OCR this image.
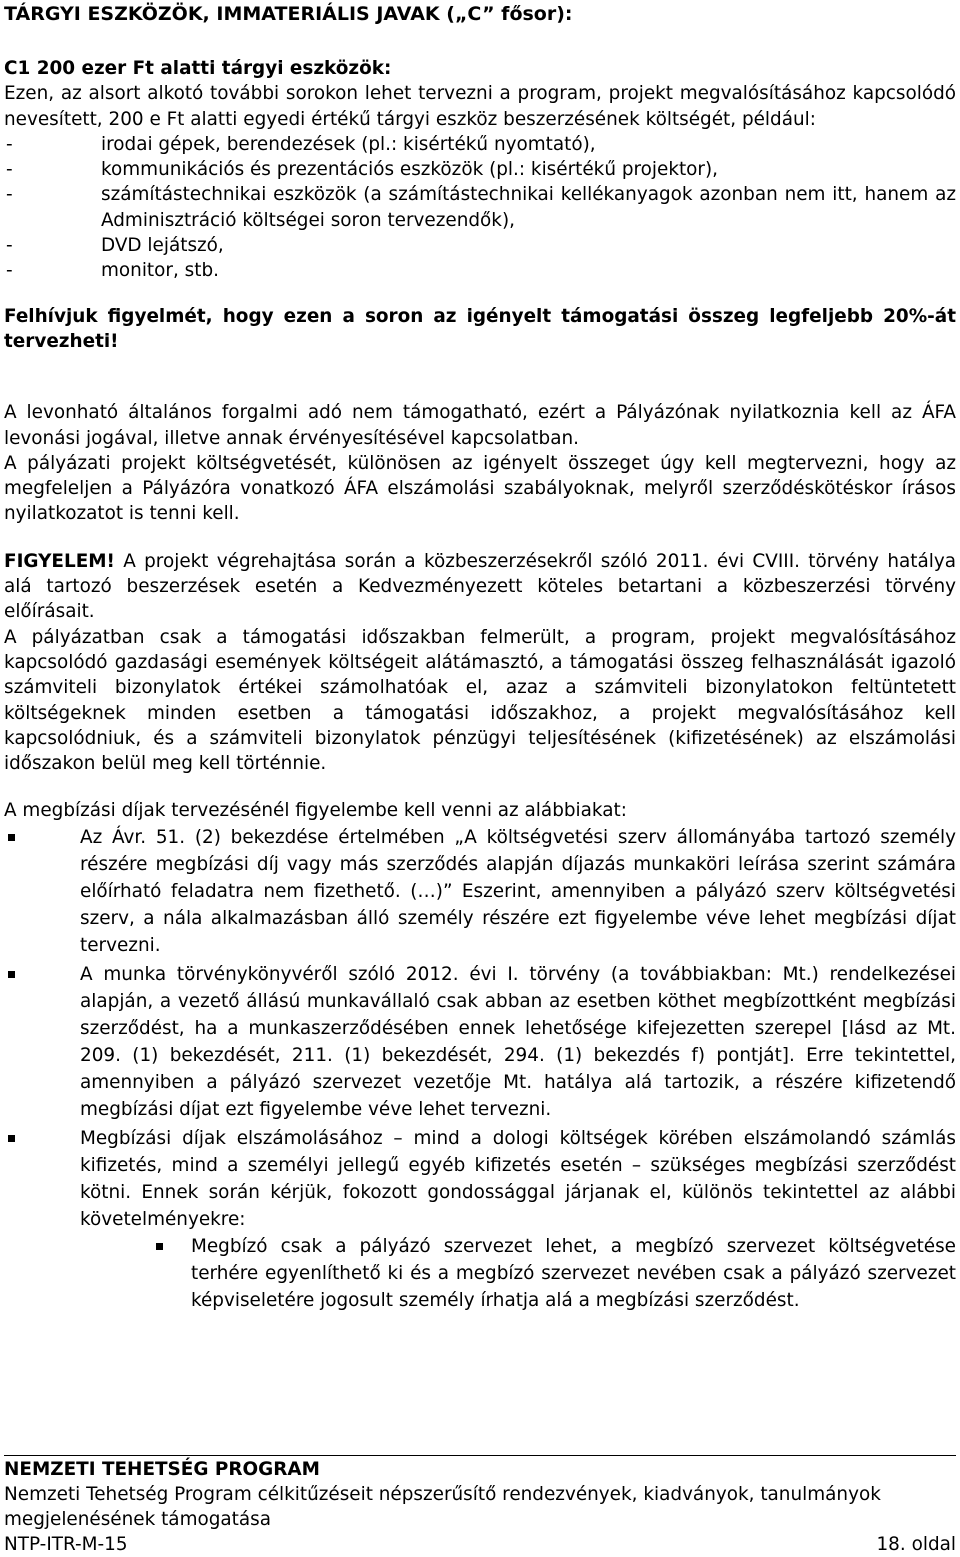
TÁRGYI ESZKÖZÖK, IMMATERIÁLIS JAVAK („C” fősor):

C1 200 ezer Ft alatti tárgyi eszközök:

Ezen, az alsort alkotó további sorokon lehet tervezni a program, projekt megvalósításához kapcsolódó nevesített, 200 e Ft alatti egyedi értékű tárgyi eszköz beszerzésének költségét, például:

-	irodai gépek, berendezések (pl.: kisértékű nyomtató),
-	kommunikációs és prezentációs eszközök (pl.: kisértékű projektor),
-	számítástechnikai eszközök (a számítástechnikai kellékanyagok azonban nem itt, hanem az Adminisztráció költségei soron tervezendők),
-	DVD lejátszó,
-	monitor, stb.

Felhívjuk figyelmét, hogy ezen a soron az igényelt támogatási összeg legfeljebb 20%-át tervezheti!

A levonható általános forgalmi adó nem támogatható, ezért a Pályázónak nyilatkoznia kell az ÁFA levonási jogával, illetve annak érvényesítésével kapcsolatban.

A pályázati projekt költségvetését, különösen az igényelt összeget úgy kell megtervezni, hogy az megfeleljen a Pályázóra vonatkozó ÁFA elszámolási szabályoknak, melyről szerződéskötéskor írásos nyilatkozatot is tenni kell.

FIGYELEM! A projekt végrehajtása során a közbeszerzésekről szóló 2011. évi CVIII. törvény hatálya alá tartozó beszerzések esetén a Kedvezményezett köteles betartani a közbeszerzési törvény előírásait.

A pályázatban csak a támogatási időszakban felmerült, a program, projekt megvalósításához kapcsolódó gazdasági események költségeit alátámasztó, a támogatási összeg felhasználását igazoló számviteli bizonylatok értékei számolhatóak el, azaz a számviteli bizonylatokon feltüntetett költségeknek minden esetben a támogatási időszakhoz, a projekt megvalósításához kell kapcsolódniuk, és a számviteli bizonylatok pénzügyi teljesítésének (kifizetésének) az elszámolási időszakon belül meg kell történnie.

A megbízási díjak tervezésénél figyelembe kell venni az alábbiakat:

Az Ávr. 51. (2) bekezdése értelmében „A költségvetési szerv állományába tartozó személy részére megbízási díj vagy más szerződés alapján díjazás munkaköri leírása szerint számára előírható feladatra nem fizethető. (…)” Eszerint, amennyiben a pályázó szerv költségvetési szerv, a nála alkalmazásban álló személy részére ezt figyelembe véve lehet megbízási díjat tervezni.
A munka törvénykönyvéről szóló 2012. évi I. törvény (a továbbiakban: Mt.) rendelkezései alapján, a vezető állású munkavállaló csak abban az esetben köthet megbízottként megbízási szerződést, ha a munkaszerződésében ennek lehetősége kifejezetten szerepel [lásd az Mt. 209. (1) bekezdését, 211. (1) bekezdését, 294. (1) bekezdés f) pontját]. Erre tekintettel, amennyiben a pályázó szervezet vezetője Mt. hatálya alá tartozik, a részére kifizetendő megbízási díjat ezt figyelembe véve lehet tervezni.
Megbízási díjak elszámolásához – mind a dologi költségek körében elszámolandó számlás kifizetés, mind a személyi jellegű egyéb kifizetés esetén – szükséges megbízási szerződést kötni. Ennek során kérjük, fokozott gondossággal járjanak el, különös tekintettel az alábbi követelményekre:
Megbízó csak a pályázó szervezet lehet, a megbízó szervezet költségvetése terhére egyenlíthető ki és a megbízó szervezet nevében csak a pályázó szervezet képviseletére jogosult személy írhatja alá a megbízási szerződést.

NEMZETI TEHETSÉG PROGRAM

Nemzeti Tehetség Program célkitűzéseit népszerűsítő rendezvények, kiadványok, tanulmányok megjelenésének támogatása

NTP-ITR-M-15	18. oldal
